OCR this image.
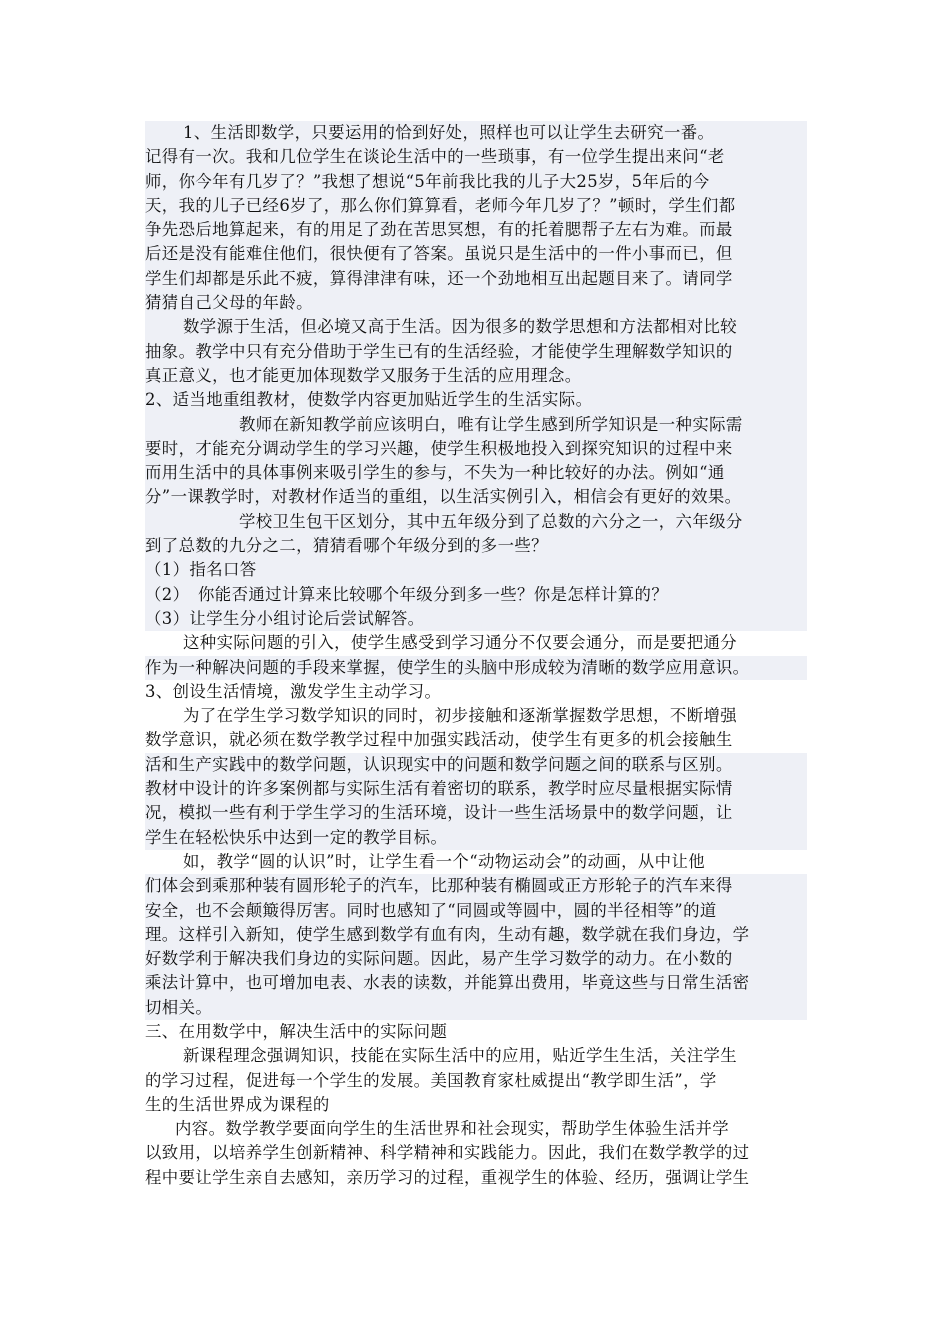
1、生活即数学，只要运用的恰到好处，照样也可以让学生去研究一番。
记得有一次。我和几位学生在谈论生活中的一些琐事，有一位学生提出来问“老
师，你今年有几岁了？”我想了想说“5年前我比我的儿子大25岁，5年后的今
天，我的儿子已经6岁了，那么你们算算看，老师今年几岁了？”顿时，学生们都
争先恐后地算起来，有的用足了劲在苦思冥想，有的托着腮帮子左右为难。而最
后还是没有能难住他们，很快便有了答案。虽说只是生活中的一件小事而已，但
学生们却都是乐此不疲，算得津津有味，还一个劲地相互出起题目来了。请同学
猜猜自己父母的年龄。
数学源于生活，但必境又高于生活。因为很多的数学思想和方法都相对比较
抽象。教学中只有充分借助于学生已有的生活经验，才能使学生理解数学知识的
真正意义，也才能更加体现数学又服务于生活的应用理念。
2、适当地重组教材，使数学内容更加贴近学生的生活实际。
教师在新知教学前应该明白，唯有让学生感到所学知识是一种实际需
要时，才能充分调动学生的学习兴趣，使学生积极地投入到探究知识的过程中来
而用生活中的具体事例来吸引学生的参与，不失为一种比较好的办法。例如“通
分”一课教学时，对教材作适当的重组，以生活实例引入，相信会有更好的效果。
学校卫生包干区划分，其中五年级分到了总数的六分之一，六年级分
到了总数的九分之二，猜猜看哪个年级分到的多一些？
（1）指名口答
（2）　你能否通过计算来比较哪个年级分到多一些？你是怎样计算的？
（3）让学生分小组讨论后尝试解答。
这种实际问题的引入，使学生感受到学习通分不仅要会通分，而是要把通分
作为一种解决问题的手段来掌握，使学生的头脑中形成较为清晰的数学应用意识。
3、创设生活情境，激发学生主动学习。
为了在学生学习数学知识的同时，初步接触和逐渐掌握数学思想，不断增强
数学意识，就必须在数学教学过程中加强实践活动，使学生有更多的机会接触生
活和生产实践中的数学问题，认识现实中的问题和数学问题之间的联系与区别。
教材中设计的许多案例都与实际生活有着密切的联系，教学时应尽量根据实际情
况，模拟一些有利于学生学习的生活环境，设计一些生活场景中的数学问题，让
学生在轻松快乐中达到一定的教学目标。
如，教学“圆的认识”时，让学生看一个“动物运动会”的动画，从中让他
们体会到乘那种装有圆形轮子的汽车，比那种装有椭圆或正方形轮子的汽车来得
安全，也不会颠簸得厉害。同时也感知了“同圆或等圆中，圆的半径相等”的道
理。这样引入新知，使学生感到数学有血有肉，生动有趣，数学就在我们身边，学
好数学利于解决我们身边的实际问题。因此，易产生学习数学的动力。在小数的
乘法计算中，也可增加电表、水表的读数，并能算出费用，毕竟这些与日常生活密
切相关。
三、在用数学中，解决生活中的实际问题
新课程理念强调知识，技能在实际生活中的应用，贴近学生生活，关注学生
的学习过程，促进每一个学生的发展。美国教育家杜威提出“教学即生活”，学
生的生活世界成为课程的
内容。数学教学要面向学生的生活世界和社会现实，帮助学生体验生活并学
以致用，以培养学生创新精神、科学精神和实践能力。因此，我们在数学教学的过
程中要让学生亲自去感知，亲历学习的过程，重视学生的体验、经历，强调让学生
